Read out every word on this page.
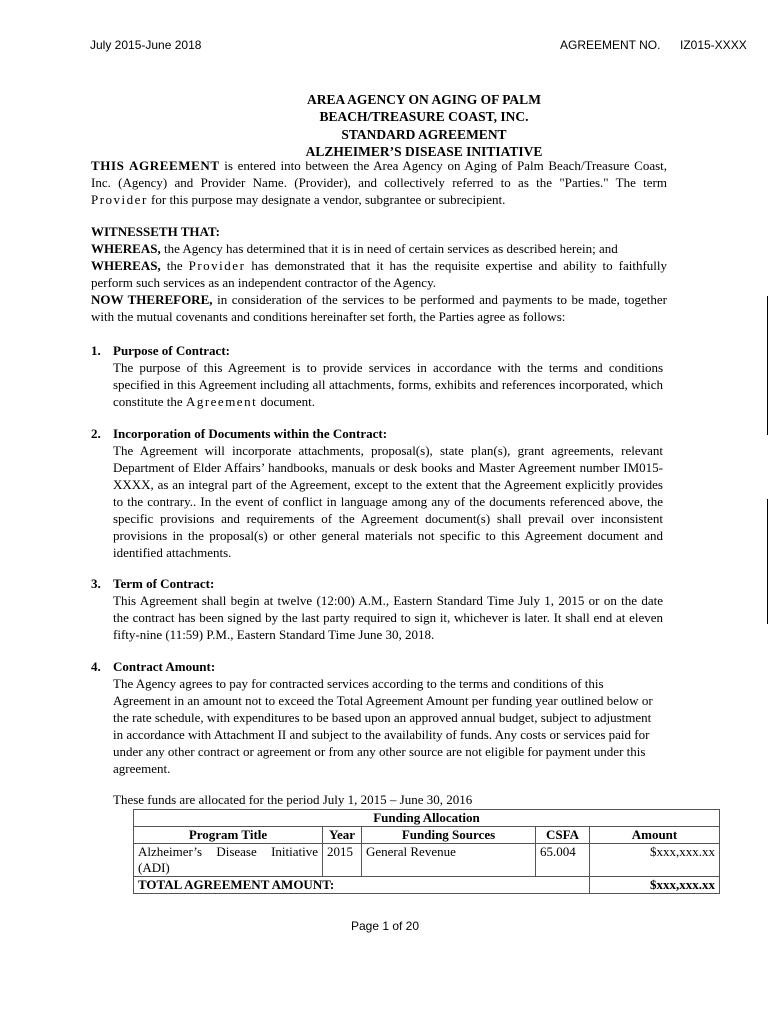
July 2015-June 2018	AGREEMENT NO. IZ015-XXXX
AREA AGENCY ON AGING OF PALM
BEACH/TREASURE COAST, INC.
STANDARD AGREEMENT
ALZHEIMER’S DISEASE INITIATIVE

THIS AGREEMENT is entered into between the Area Agency on Aging of Palm Beach/Treasure Coast, Inc. (Agency) and Provider Name. (Provider), and collectively referred to as the "Parties." The term Provider for this purpose may designate a vendor, subgrantee or subrecipient.

WITNESSETH THAT:

WHEREAS, the Agency has determined that it is in need of certain services as described herein; and

WHEREAS, the Provider has demonstrated that it has the requisite expertise and ability to faithfully perform such services as an independent contractor of the Agency.

NOW THEREFORE, in consideration of the services to be performed and payments to be made, together with the mutual covenants and conditions hereinafter set forth, the Parties agree as follows:

1. Purpose of Contract:

The purpose of this Agreement is to provide services in accordance with the terms and conditions specified in this Agreement including all attachments, forms, exhibits and references incorporated, which constitute the Agreement document.

2. Incorporation of Documents within the Contract:

The Agreement will incorporate attachments, proposal(s), state plan(s), grant agreements, relevant Department of Elder Affairs’ handbooks, manuals or desk books and Master Agreement number IM015-XXXX, as an integral part of the Agreement, except to the extent that the Agreement explicitly provides to the contrary.. In the event of conflict in language among any of the documents referenced above, the specific provisions and requirements of the Agreement document(s) shall prevail over inconsistent provisions in the proposal(s) or other general materials not specific to this Agreement document and identified attachments.

3. Term of Contract:

This Agreement shall begin at twelve (12:00) A.M., Eastern Standard Time July 1, 2015 or on the date the contract has been signed by the last party required to sign it, whichever is later. It shall end at eleven fifty-nine (11:59) P.M., Eastern Standard Time June 30, 2018.

4. Contract Amount:

The Agency agrees to pay for contracted services according to the terms and conditions of this Agreement in an amount not to exceed the Total Agreement Amount per funding year outlined below or the rate schedule, with expenditures to be based upon an approved annual budget, subject to adjustment in accordance with Attachment II and subject to the availability of funds. Any costs or services paid for under any other contract or agreement or from any other source are not eligible for payment under this agreement.

These funds are allocated for the period July 1, 2015 – June 30, 2016
Funding Allocation				
Program Title	Year	Funding Sources	CSFA	Amount
Alzheimer’s Disease Initiative (ADI)	2015	General Revenue	65.004	$xxx,xxx.xx
TOTAL AGREEMENT AMOUNT:				$xxx,xxx.xx
Page 1 of 20
